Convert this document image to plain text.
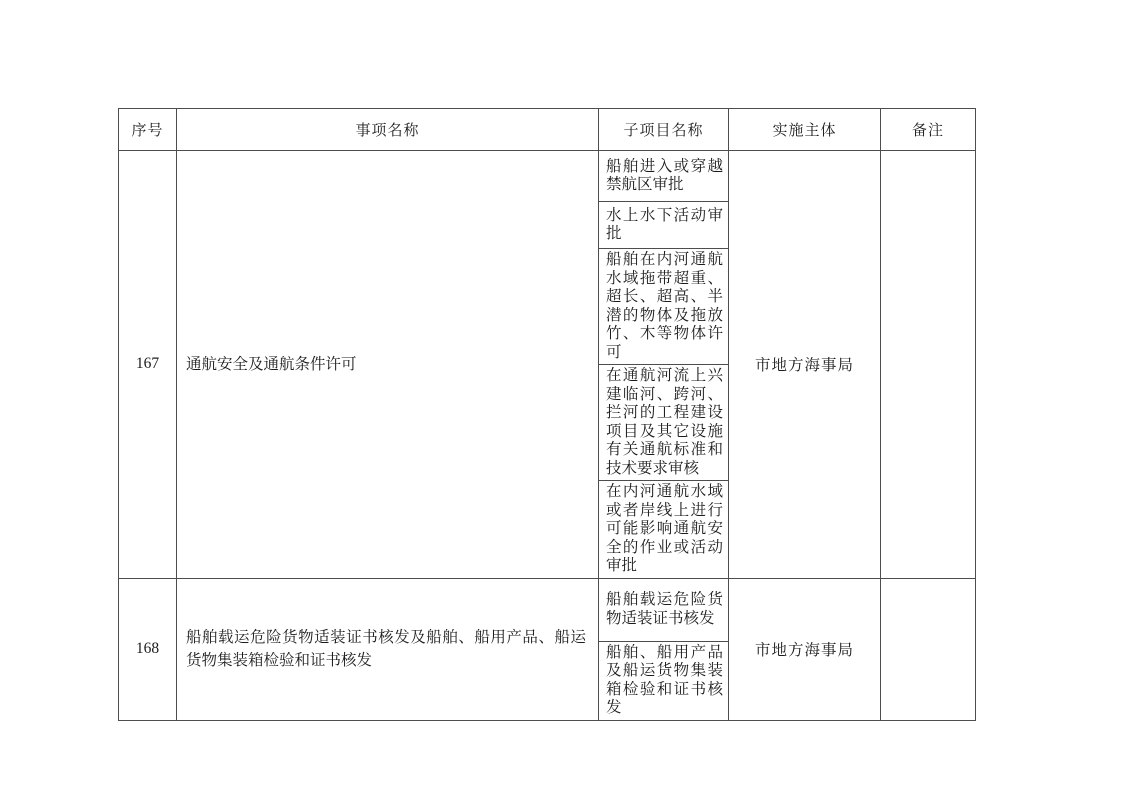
序号	事项名称	子项目名称	实施主体	备注
167	通航安全及通航条件许可	船舶进入或穿越禁航区审批	市地方海事局	
		水上水下活动审批		
		船舶在内河通航水域拖带超重、超长、超高、半潜的物体及拖放竹、木等物体许可		
		在通航河流上兴建临河、跨河、拦河的工程建设项目及其它设施有关通航标准和技术要求审核		
		在内河通航水域或者岸线上进行可能影响通航安全的作业或活动审批		
168	船舶载运危险货物适装证书核发及船舶、船用产品、船运货物集装箱检验和证书核发	船舶载运危险货物适装证书核发	市地方海事局	
		船舶、船用产品及船运货物集装箱检验和证书核发		
